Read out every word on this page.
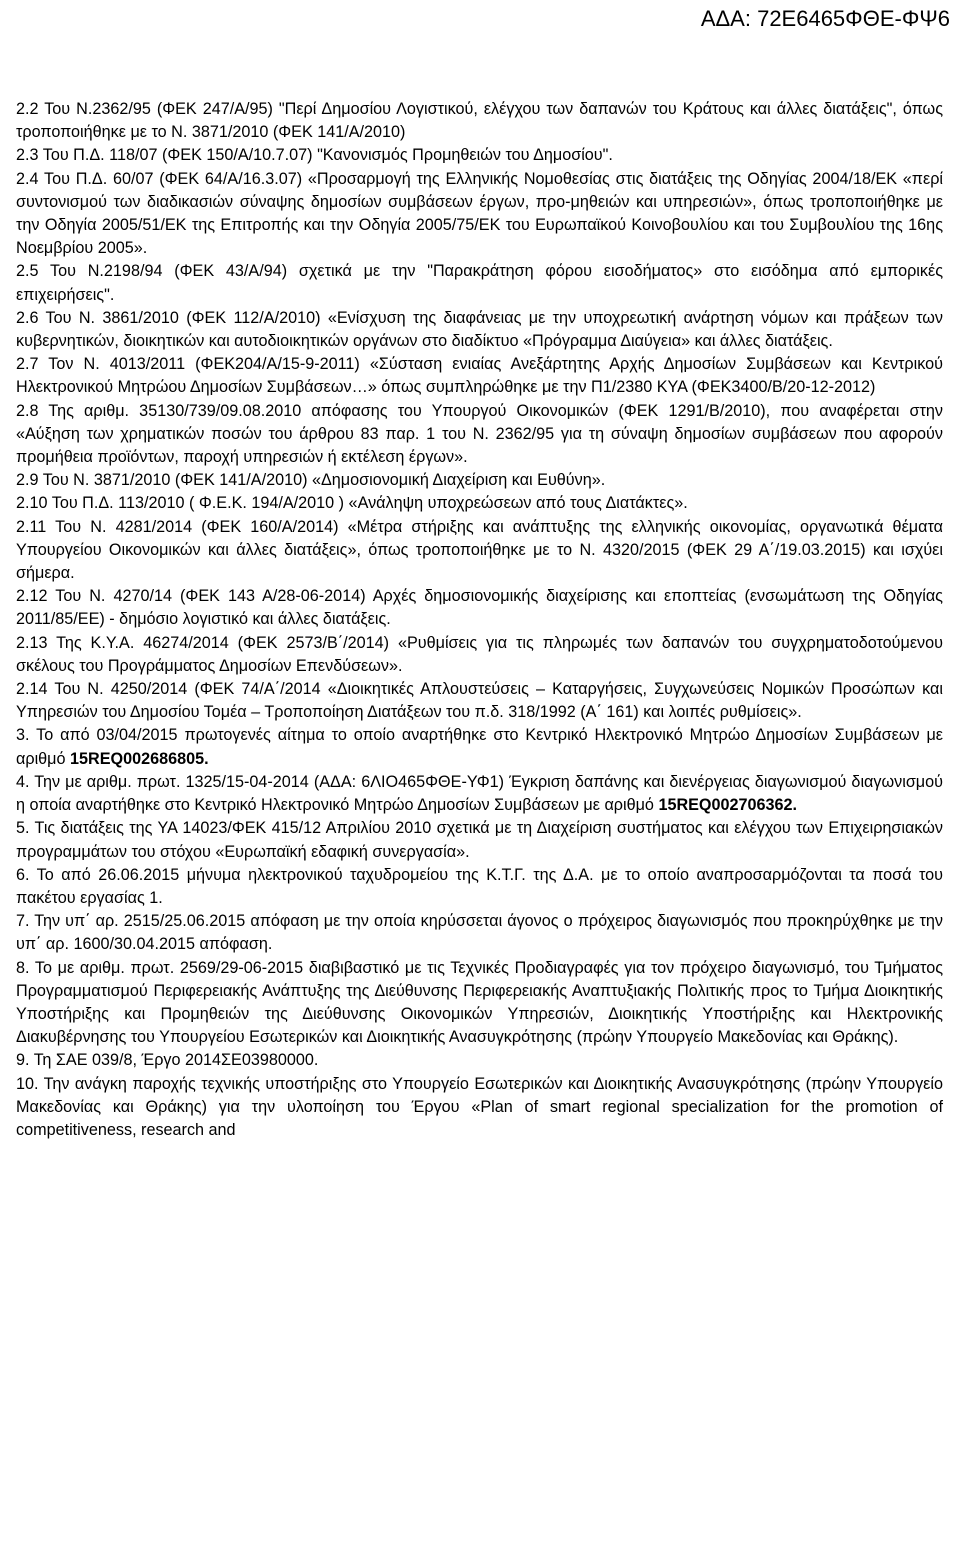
ΑΔΑ: 72Ε6465ΦΘΕ-ΦΨ6

2.2 Του Ν.2362/95 (ΦΕΚ 247/Α/95) "Περί Δημοσίου Λογιστικού, ελέγχου των δαπανών του Κράτους και άλλες διατάξεις", όπως τροποποιήθηκε με το Ν. 3871/2010 (ΦΕΚ 141/Α/2010)

2.3 Του Π.Δ. 118/07 (ΦΕΚ 150/Α/10.7.07) "Κανονισμός Προμηθειών του Δημοσίου".

2.4 Του Π.Δ. 60/07 (ΦΕΚ 64/Α/16.3.07) «Προσαρμογή της Ελληνικής Νομοθεσίας στις διατάξεις της Οδηγίας 2004/18/ΕΚ «περί συντονισμού των διαδικασιών σύναψης δημοσίων συμβάσεων έργων, προ-μηθειών και υπηρεσιών», όπως τροποποιήθηκε με την Οδηγία 2005/51/ΕΚ της Επιτροπής και την Οδηγία 2005/75/ΕΚ του Ευρωπαϊκού Κοινοβουλίου και του Συμβουλίου της 16ης Νοεμβρίου 2005».

2.5 Του Ν.2198/94 (ΦΕΚ 43/Α/94) σχετικά με την "Παρακράτηση φόρου εισοδήματος» στο εισόδημα από εμπορικές επιχειρήσεις".

2.6 Του Ν. 3861/2010 (ΦΕΚ 112/Α/2010) «Ενίσχυση της διαφάνειας με την υποχρεωτική ανάρτηση νόμων και πράξεων των κυβερνητικών, διοικητικών και αυτοδιοικητικών οργάνων στο διαδίκτυο «Πρόγραμμα Διαύγεια» και άλλες διατάξεις.

2.7 Τον Ν. 4013/2011 (ΦΕΚ204/Α/15-9-2011) «Σύσταση ενιαίας Ανεξάρτητης Αρχής Δημοσίων Συμβάσεων και Κεντρικού Ηλεκτρονικού Μητρώου Δημοσίων Συμβάσεων…» όπως συμπληρώθηκε με την Π1/2380 ΚΥΑ (ΦΕΚ3400/Β/20-12-2012)

2.8 Της αριθμ. 35130/739/09.08.2010 απόφασης του Υπουργού Οικονομικών (ΦΕΚ 1291/Β/2010), που αναφέρεται στην «Αύξηση των χρηματικών ποσών του άρθρου 83 παρ. 1 του Ν. 2362/95 για τη σύναψη δημοσίων συμβάσεων που αφορούν προμήθεια προϊόντων, παροχή υπηρεσιών ή εκτέλεση έργων».

2.9 Του Ν. 3871/2010 (ΦΕΚ 141/Α/2010) «Δημοσιονομική Διαχείριση και Ευθύνη».

2.10 Του Π.Δ. 113/2010 ( Φ.Ε.Κ. 194/Α/2010 ) «Ανάληψη υποχρεώσεων από τους Διατάκτες».

2.11 Του Ν. 4281/2014 (ΦΕΚ 160/Α/2014) «Μέτρα στήριξης και ανάπτυξης της ελληνικής οικονομίας, οργανωτικά θέματα Υπουργείου Οικονομικών και άλλες διατάξεις», όπως τροποποιήθηκε με το Ν. 4320/2015 (ΦΕΚ 29 Α΄/19.03.2015) και ισχύει σήμερα.

2.12 Του Ν. 4270/14 (ΦΕΚ 143 Α/28-06-2014) Αρχές δημοσιονομικής διαχείρισης και εποπτείας (ενσωμάτωση της Οδηγίας 2011/85/ΕΕ) - δημόσιο λογιστικό και άλλες διατάξεις.

2.13 Της Κ.Υ.Α. 46274/2014 (ΦΕΚ 2573/Β΄/2014) «Ρυθμίσεις για τις πληρωμές των δαπανών του συγχρηματοδοτούμενου σκέλους του Προγράμματος Δημοσίων Επενδύσεων».

2.14 Του Ν. 4250/2014 (ΦΕΚ 74/Α΄/2014 «Διοικητικές Απλουστεύσεις – Καταργήσεις, Συγχωνεύσεις Νομικών Προσώπων και Υπηρεσιών του Δημοσίου Τομέα – Τροποποίηση Διατάξεων του π.δ. 318/1992 (Α΄ 161) και λοιπές ρυθμίσεις».

3. Το από 03/04/2015 πρωτογενές αίτημα το οποίο αναρτήθηκε στο Κεντρικό Ηλεκτρονικό Μητρώο Δημοσίων Συμβάσεων με αριθμό 15REQ002686805.

4. Την με αριθμ. πρωτ. 1325/15-04-2014 (ΑΔΑ: 6ΛΙΟ465ΦΘΕ-ΥΦ1) Έγκριση δαπάνης και διενέργειας διαγωνισμού διαγωνισμού η οποία αναρτήθηκε στο Κεντρικό Ηλεκτρονικό Μητρώο Δημοσίων Συμβάσεων με αριθμό 15REQ002706362.

5. Τις διατάξεις της ΥΑ 14023/ΦΕΚ 415/12 Απριλίου 2010 σχετικά με τη Διαχείριση συστήματος και ελέγχου των Επιχειρησιακών προγραμμάτων του στόχου «Ευρωπαϊκή εδαφική συνεργασία».

6. Το από 26.06.2015 μήνυμα ηλεκτρονικού ταχυδρομείου της Κ.Τ.Γ. της Δ.Α. με το οποίο αναπροσαρμόζονται τα ποσά του πακέτου εργασίας 1.

7. Την υπ΄ αρ. 2515/25.06.2015 απόφαση με την οποία κηρύσσεται άγονος ο πρόχειρος διαγωνισμός που προκηρύχθηκε με την υπ΄ αρ. 1600/30.04.2015 απόφαση.

8. Το με αριθμ. πρωτ. 2569/29-06-2015 διαβιβαστικό με τις Τεχνικές Προδιαγραφές για τον πρόχειρο διαγωνισμό, του Τμήματος Προγραμματισμού Περιφερειακής Ανάπτυξης της Διεύθυνσης Περιφερειακής Αναπτυξιακής Πολιτικής προς το Τμήμα Διοικητικής Υποστήριξης και Προμηθειών της Διεύθυνσης Οικονομικών Υπηρεσιών, Διοικητικής Υποστήριξης και Ηλεκτρονικής Διακυβέρνησης του Υπουργείου Εσωτερικών και Διοικητικής Ανασυγκρότησης (πρώην Υπουργείο Μακεδονίας και Θράκης).

9. Τη ΣΑΕ 039/8, Έργο 2014ΣΕ03980000.

10. Την ανάγκη παροχής τεχνικής υποστήριξης στο Υπουργείο Εσωτερικών και Διοικητικής Ανασυγκρότησης (πρώην Υπουργείο Μακεδονίας και Θράκης) για την υλοποίηση του Έργου «Plan of smart regional specialization for the promotion of competitiveness, research and
